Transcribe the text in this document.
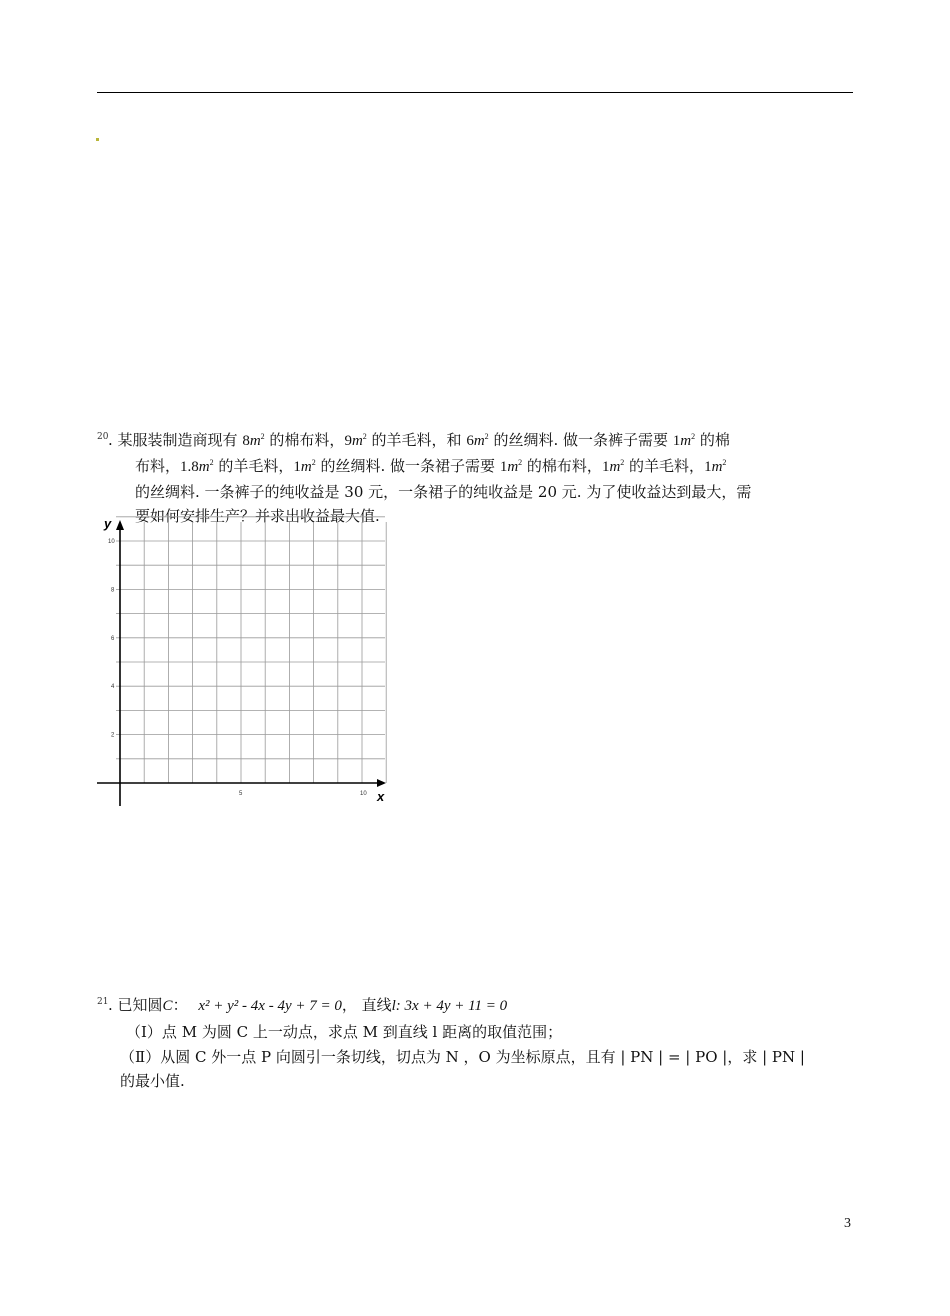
20 . 某服装制造商现有 $8m^2$ 的棉布料，$9m^2$ 的羊毛料，和 $6m^2$ 的丝绸料. 做一条裤子需要 $1m^2$ 的棉
布料，$1.8m^2$ 的羊毛料，$1m^2$ 的丝绸料. 做一条裙子需要 $1m^2$ 的棉布料，$1m^2$ 的羊毛料，$1m^2$
的丝绸料. 一条裤子的纯收益是 30 元，一条裙子的纯收益是 20 元. 为了使收益达到最大，需
要如何安排生产？并求出收益最大值.
x
y
5	10
2
4
6
8
10
21 . 已知圆C： x² + y² - 4x - 4y + 7 = 0， 直线l: 3x + 4y + 11 = 0
（Ⅰ）点 M 为圆 C 上一动点，求点 M 到直线 l 距离的取值范围；
（Ⅱ）从圆 C 外一点 P 向圆引一条切线，切点为 N ，O 为坐标原点，且有 | PN | = | PO |，求 | PN |
的最小值.
3
